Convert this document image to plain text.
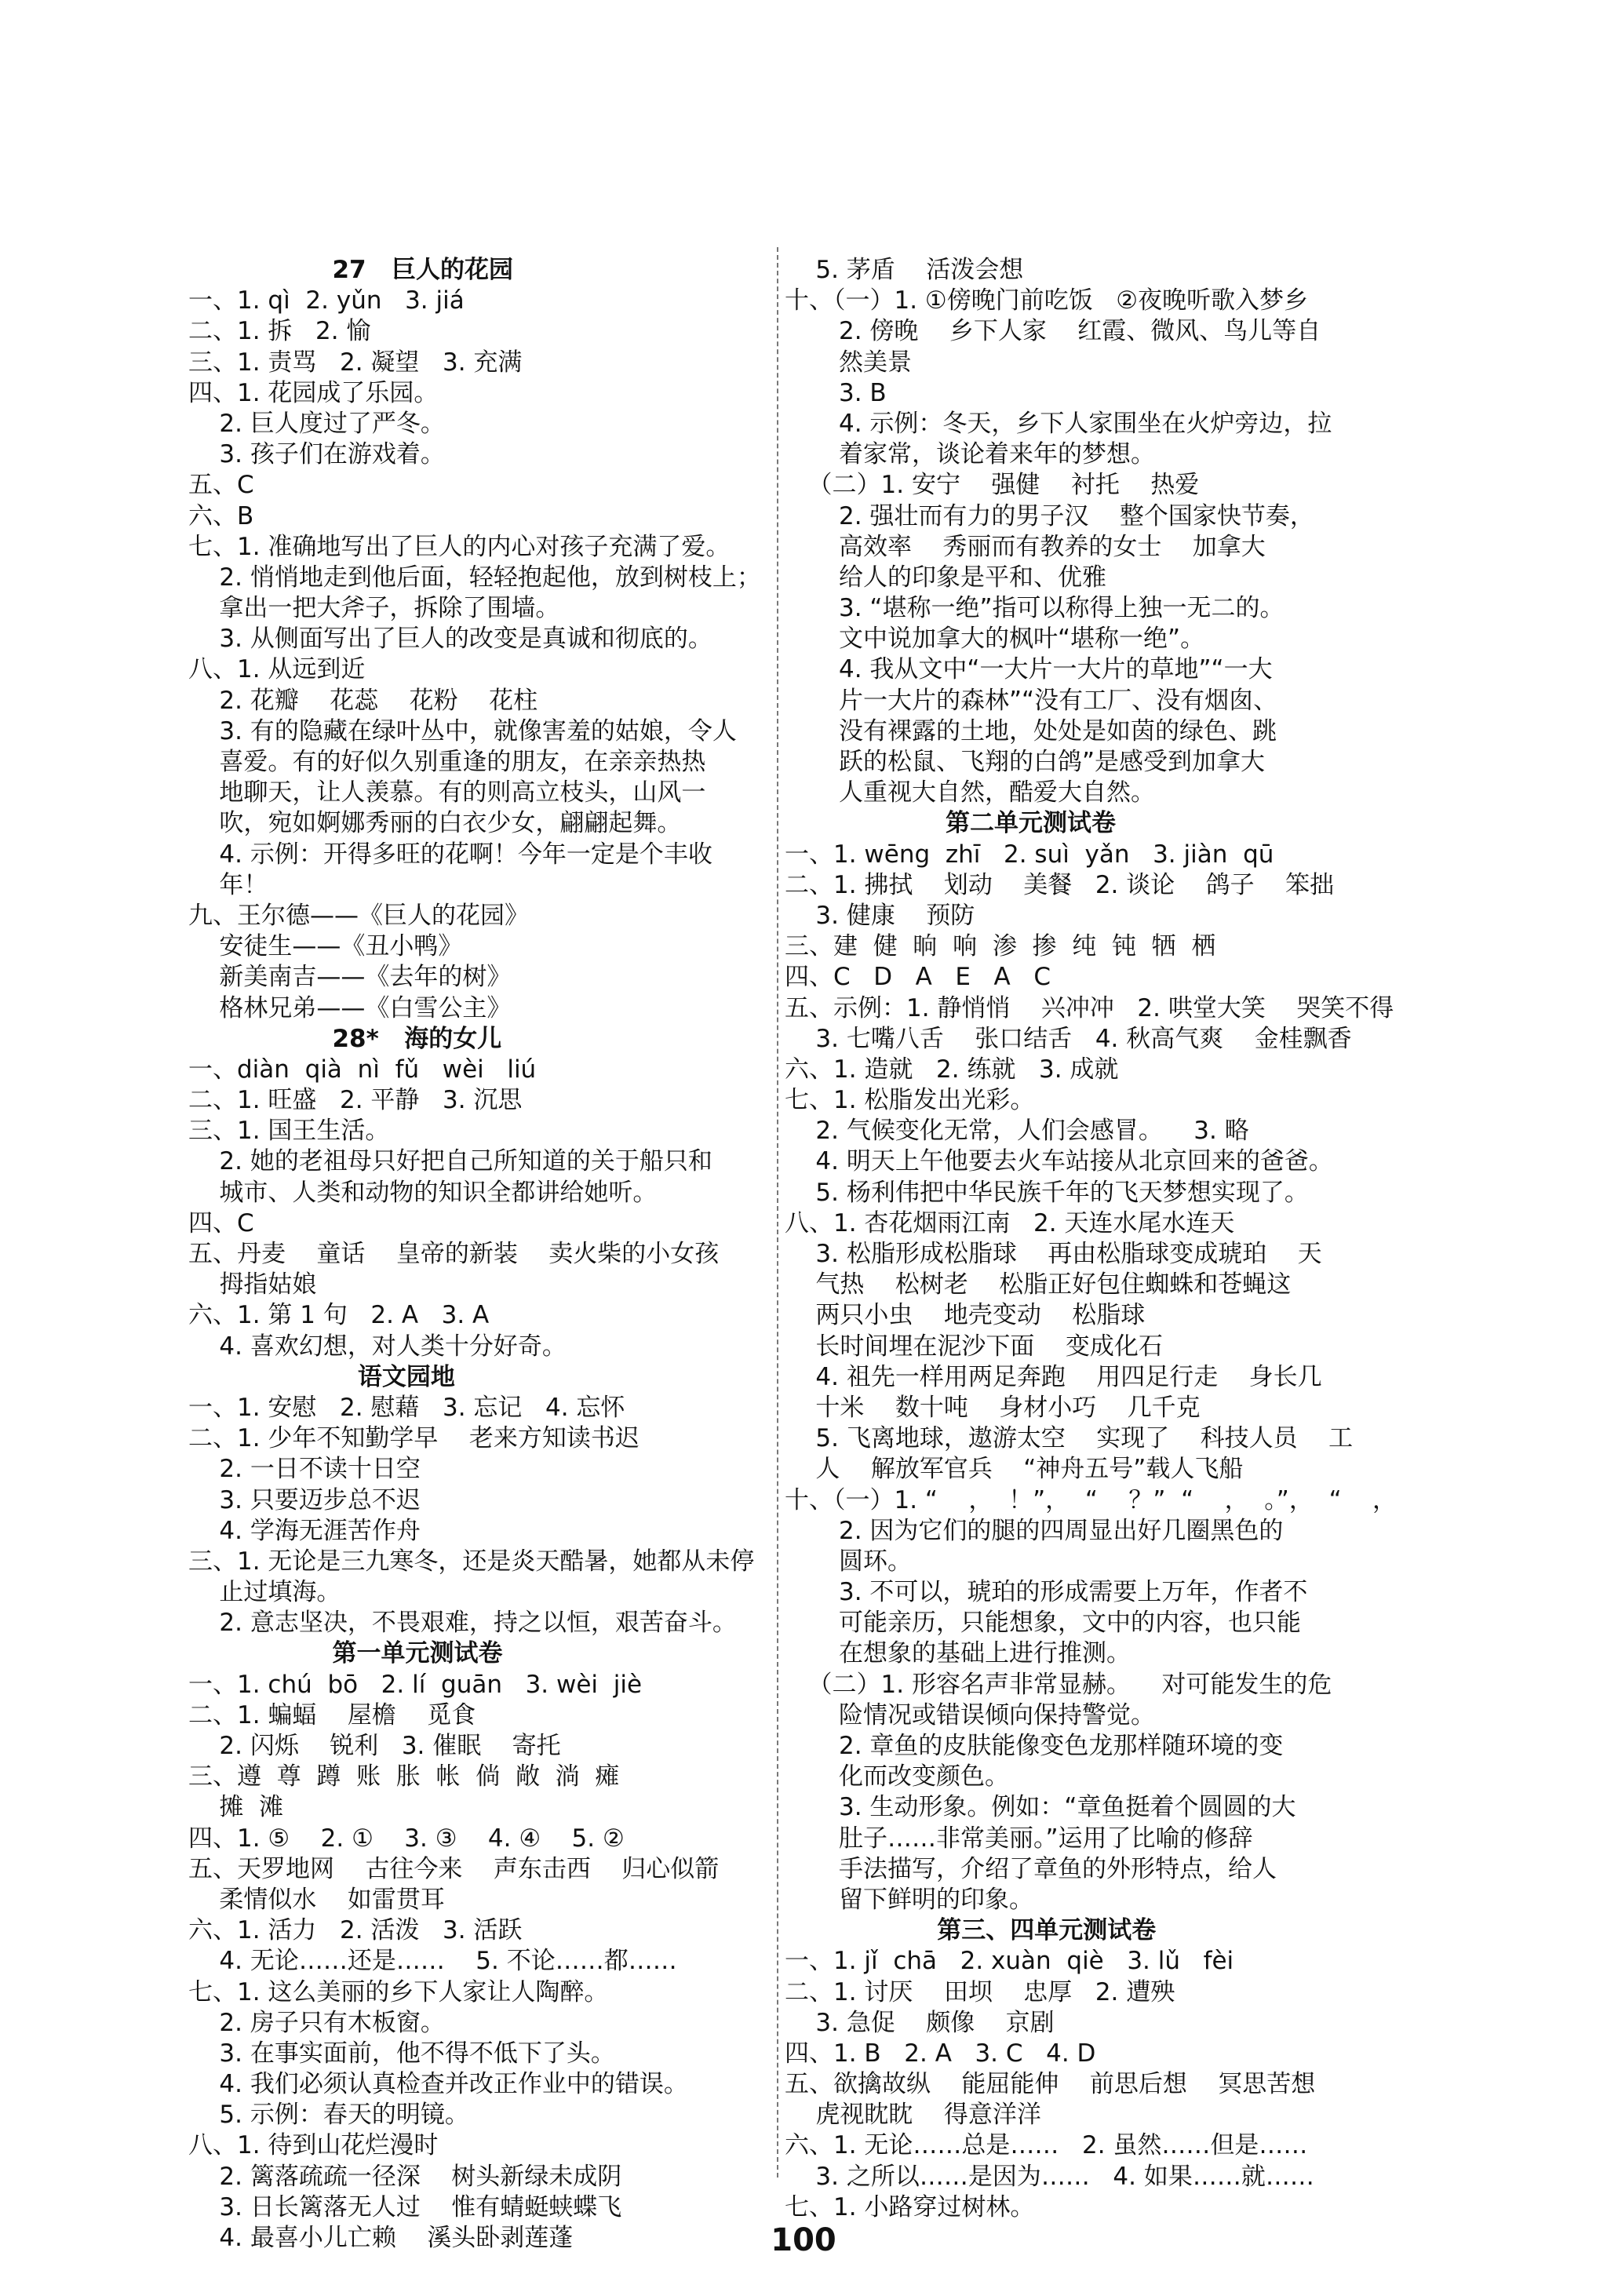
27   巨人的花园
一、1. qì  2. yǔn   3. jiá
二、1. 拆   2. 愉
三、1. 责骂   2. 凝望   3. 充满
四、1. 花园成了乐园。
2. 巨人度过了严冬。
3. 孩子们在游戏着。
五、C
六、B
七、1. 准确地写出了巨人的内心对孩子充满了爱。
2. 悄悄地走到他后面，轻轻抱起他，放到树枝上；
拿出一把大斧子，拆除了围墙。
3. 从侧面写出了巨人的改变是真诚和彻底的。
八、1. 从远到近
2. 花瓣    花蕊    花粉    花柱
3. 有的隐藏在绿叶丛中，就像害羞的姑娘，令人
喜爱。有的好似久别重逢的朋友，在亲亲热热
地聊天，让人羡慕。有的则高立枝头，山风一
吹，宛如婀娜秀丽的白衣少女，翩翩起舞。
4. 示例：开得多旺的花啊！今年一定是个丰收
年！
九、王尔德——《巨人的花园》
安徒生——《丑小鸭》
新美南吉——《去年的树》
格林兄弟——《白雪公主》
28*   海的女儿
一、diàn  qià  nì  fǔ   wèi   liú
二、1. 旺盛   2. 平静   3. 沉思
三、1. 国王生活。
2. 她的老祖母只好把自己所知道的关于船只和
城市、人类和动物的知识全都讲给她听。
四、C
五、丹麦    童话    皇帝的新装    卖火柴的小女孩
拇指姑娘
六、1. 第 1 句   2. A   3. A
4. 喜欢幻想，对人类十分好奇。
语文园地
一、1. 安慰   2. 慰藉   3. 忘记   4. 忘怀
二、1. 少年不知勤学早    老来方知读书迟
2. 一日不读十日空
3. 只要迈步总不迟
4. 学海无涯苦作舟
三、1. 无论是三九寒冬，还是炎天酷暑，她都从未停
止过填海。
2. 意志坚决，不畏艰难，持之以恒，艰苦奋斗。
第一单元测试卷
一、1. chú  bō   2. lí  guān   3. wèi  jiè
二、1. 蝙蝠    屋檐    觅食
2. 闪烁    锐利   3. 催眠    寄托
三、遵  尊  蹲  账  胀  帐  倘  敞  淌  瘫
摊  滩
四、1. ⑤    2. ①    3. ③    4. ④    5. ②
五、天罗地网    古往今来    声东击西    归心似箭
柔情似水    如雷贯耳
六、1. 活力   2. 活泼   3. 活跃
4. 无论……还是……    5. 不论……都……
七、1. 这么美丽的乡下人家让人陶醉。
2. 房子只有木板窗。
3. 在事实面前，他不得不低下了头。
4. 我们必须认真检查并改正作业中的错误。
5. 示例：春天的明镜。
八、1. 待到山花烂漫时
2. 篱落疏疏一径深    树头新绿未成阴
3. 日长篱落无人过    惟有蜻蜓蛱蝶飞
4. 最喜小儿亡赖    溪头卧剥莲蓬
5. 茅盾    活泼会想
十、（一）1. ①傍晚门前吃饭   ②夜晚听歌入梦乡
2. 傍晚    乡下人家    红霞、微风、鸟儿等自
然美景
3. B
4. 示例：冬天，乡下人家围坐在火炉旁边，拉
着家常，谈论着来年的梦想。
（二）1. 安宁    强健    衬托    热爱
2. 强壮而有力的男子汉    整个国家快节奏，
高效率    秀丽而有教养的女士    加拿大
给人的印象是平和、优雅
3. “堪称一绝”指可以称得上独一无二的。
文中说加拿大的枫叶“堪称一绝”。
4. 我从文中“一大片一大片的草地”“一大
片一大片的森林”“没有工厂、没有烟囱、
没有裸露的土地，处处是如茵的绿色、跳
跃的松鼠、飞翔的白鸽”是感受到加拿大
人重视大自然，酷爱大自然。
第二单元测试卷
一、1. wēng  zhī   2. suì  yǎn   3. jiàn  qū
二、1. 拂拭    划动    美餐   2. 谈论    鸽子    笨拙
3. 健康    预防
三、建  健  晌  响  渗  掺  纯  钝  牺  栖
四、C   D   A   E   A   C
五、示例：1. 静悄悄    兴冲冲   2. 哄堂大笑    哭笑不得
3. 七嘴八舌    张口结舌   4. 秋高气爽    金桂飘香
六、1. 造就   2. 练就   3. 成就
七、1. 松脂发出光彩。
2. 气候变化无常，人们会感冒。    3. 略
4. 明天上午他要去火车站接从北京回来的爸爸。
5. 杨利伟把中华民族千年的飞天梦想实现了。
八、1. 杏花烟雨江南   2. 天连水尾水连天
3. 松脂形成松脂球    再由松脂球变成琥珀    天
气热    松树老    松脂正好包住蜘蛛和苍蝇这
两只小虫    地壳变动    松脂球
长时间埋在泥沙下面    变成化石
4. 祖先一样用两足奔跑    用四足行走    身长几
十米    数十吨    身材小巧    几千克
5. 飞离地球，遨游太空    实现了    科技人员    工
人    解放军官兵    “神舟五号”载人飞船
十、（一）1. “    ，  ！”，  “    ？”  “    ，  。”，  “    ，
2. 因为它们的腿的四周显出好几圈黑色的
圆环。
3. 不可以，琥珀的形成需要上万年，作者不
可能亲历，只能想象，文中的内容，也只能
在想象的基础上进行推测。
（二）1. 形容名声非常显赫。    对可能发生的危
险情况或错误倾向保持警觉。
2. 章鱼的皮肤能像变色龙那样随环境的变
化而改变颜色。
3. 生动形象。例如：“章鱼挺着个圆圆的大
肚子……非常美丽。”运用了比喻的修辞
手法描写，介绍了章鱼的外形特点，给人
留下鲜明的印象。
第三、四单元测试卷
一、1. jǐ  chā   2. xuàn  qiè   3. lǔ   fèi
二、1. 讨厌    田坝    忠厚   2. 遭殃
3. 急促    颇像    京剧
四、1. B   2. A   3. C   4. D
五、欲擒故纵    能屈能伸    前思后想    冥思苦想
虎视眈眈    得意洋洋
六、1. 无论……总是……   2. 虽然……但是……
3. 之所以……是因为……   4. 如果……就……
七、1. 小路穿过树林。
100
